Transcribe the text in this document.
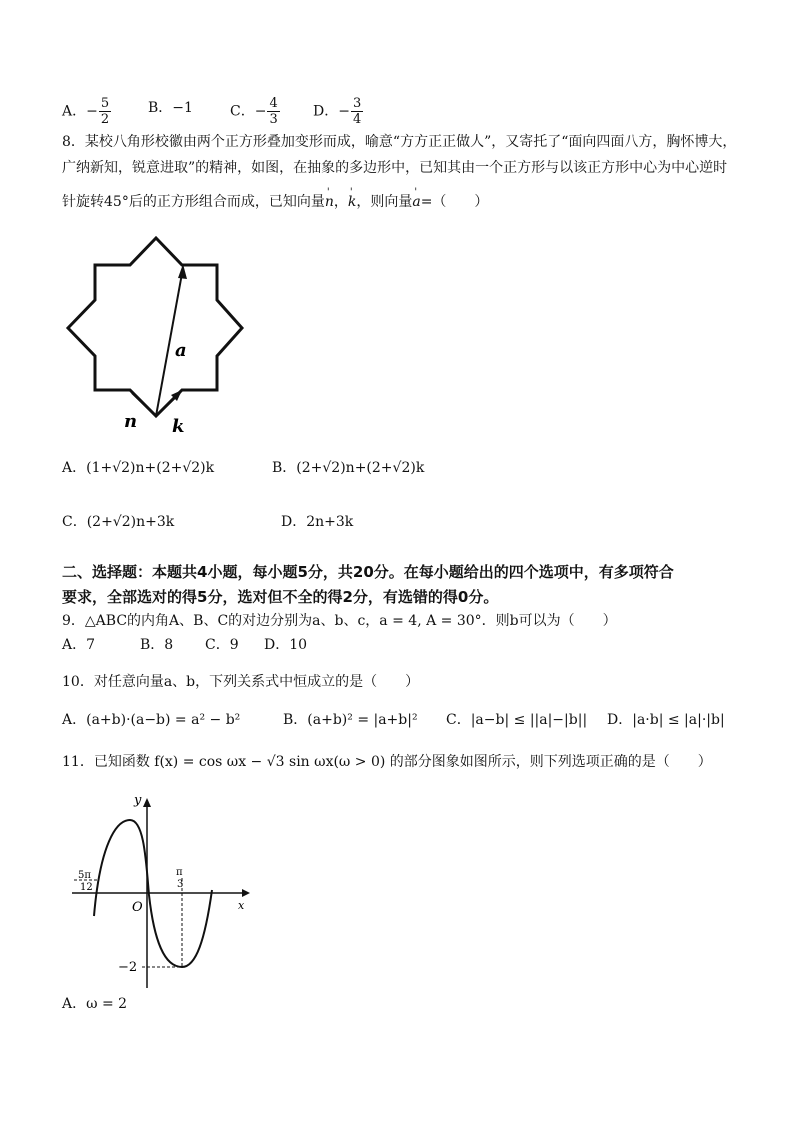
A．− $\frac{5}{2}$	B．−1	C．− $\frac{4}{3}$ D．− $\frac{3}{4}$
8．某校八角形校徽由两个正方形叠加变形而成，喻意“方方正正做人”，又寄托了“面向四面八方，胸怀博大，
广纳新知，锐意进取”的精神，如图，在抽象的多边形中，已知其由一个正方形与以该正方形中心为中心逆时
针旋转45°后的正方形组合而成，已知向量' n，' k，则向量' a=（　　）
a
n k
A．(1+√2)n+(2+√2)k	B．(2+√2)n+(2+√2)k
C．(2+√2)n+3k	D．2n+3k
二、选择题：本题共4小题，每小题5分，共20分。在每小题给出的四个选项中，有多项符合
要求，全部选对的得5分，选对但不全的得2分，有选错的得0分。
9．△ABC的内角A、B、C的对边分别为a、b、c，a = 4, A = 30°．则b可以为（　　）
A．7	B．8 C．9 D．10
10．对任意向量a、b，下列关系式中恒成立的是（　　）
A．(a+b)·(a−b) = a² − b²	B．(a+b)² = |a+b|² C．|a−b| ≤ ||a|−|b|| D．|a·b| ≤ |a|·|b|
11．已知函数 f(x) = cos ωx − √3 sin ωx(ω > 0) 的部分图象如图所示，则下列选项正确的是（　　）
y
x
O
π
3
5π
12
−2
A．ω = 2
